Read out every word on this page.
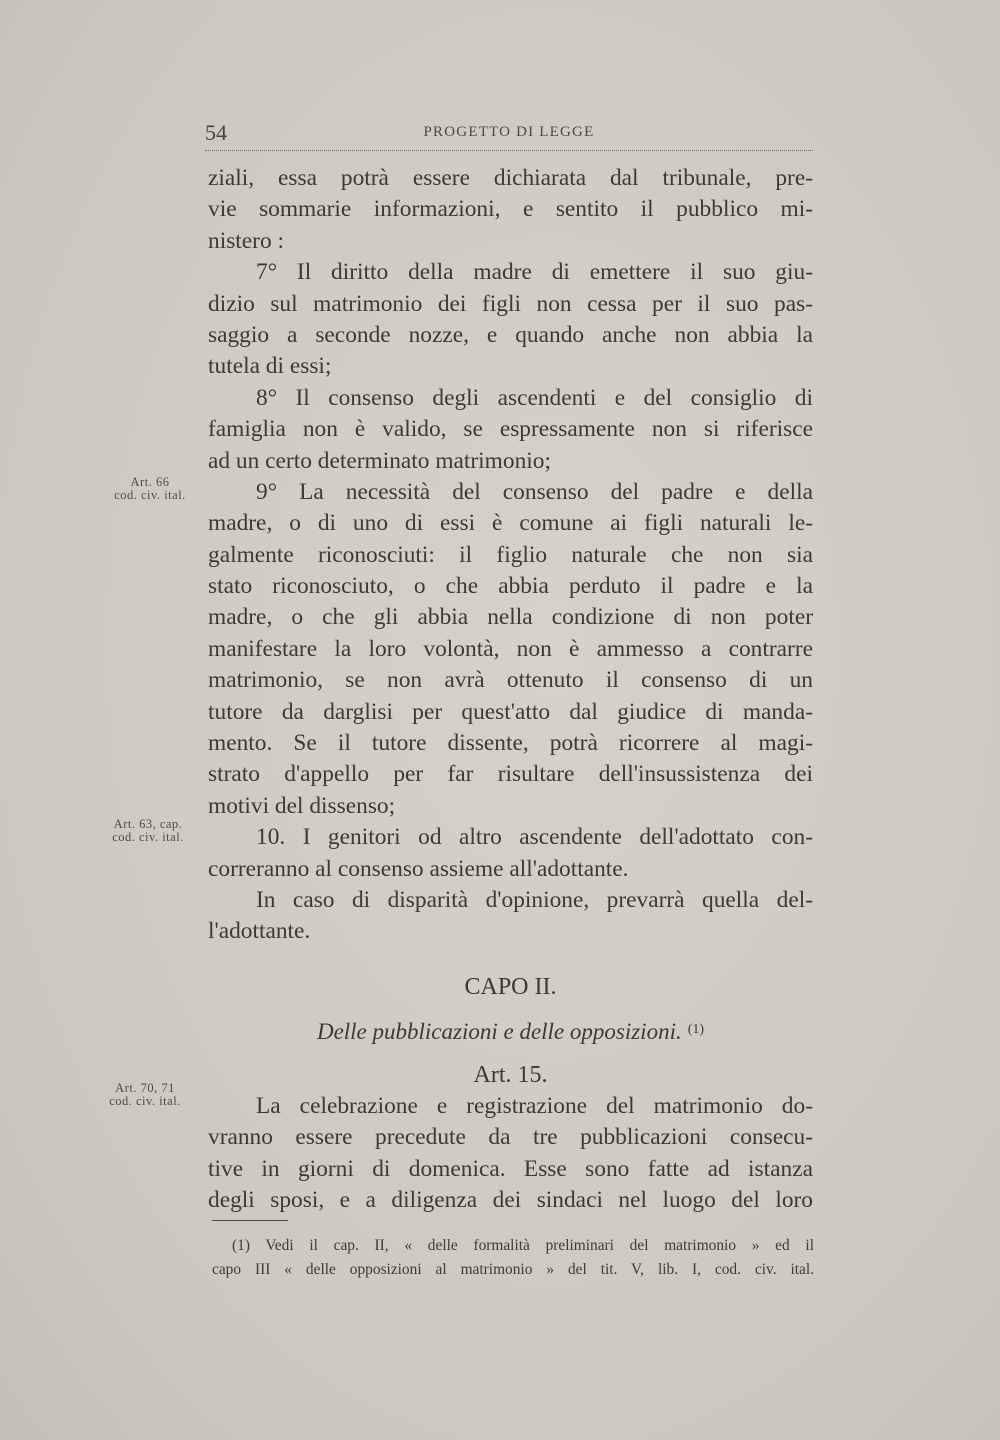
54	PROGETTO DI LEGGE
Art. 66
cod. civ. ital.
Art. 63, cap.
cod. civ. ital.
Art. 70, 71
cod. civ. ital.
ziali, essa potrà essere dichiarata dal tribunale, pre-
vie sommarie informazioni, e sentito il pubblico mi-
nistero :
7° Il diritto della madre di emettere il suo giu-
dizio sul matrimonio dei figli non cessa per il suo pas-
saggio a seconde nozze, e quando anche non abbia la
tutela di essi;
8° Il consenso degli ascendenti e del consiglio di
famiglia non è valido, se espressamente non si riferisce
ad un certo determinato matrimonio;
9° La necessità del consenso del padre e della
madre, o di uno di essi è comune ai figli naturali le-
galmente riconosciuti: il figlio naturale che non sia
stato riconosciuto, o che abbia perduto il padre e la
madre, o che gli abbia nella condizione di non poter
manifestare la loro volontà, non è ammesso a contrarre
matrimonio, se non avrà ottenuto il consenso di un
tutore da darglisi per quest'atto dal giudice di manda-
mento. Se il tutore dissente, potrà ricorrere al magi-
strato d'appello per far risultare dell'insussistenza dei
motivi del dissenso;
10. I genitori od altro ascendente dell'adottato con-
correranno al consenso assieme all'adottante.
In caso di disparità d'opinione, prevarrà quella del-
l'adottante.
CAPO II.
Delle pubblicazioni e delle opposizioni. $^{(1)}$
Art. 15.
La celebrazione e registrazione del matrimonio do-
vranno essere precedute da tre pubblicazioni consecu-
tive in giorni di domenica. Esse sono fatte ad istanza
degli sposi, e a diligenza dei sindaci nel luogo del loro
(1) Vedi il cap. II, « delle formalità preliminari del matrimonio » ed il
capo III « delle opposizioni al matrimonio » del tit. V, lib. I, cod. civ. ital.
